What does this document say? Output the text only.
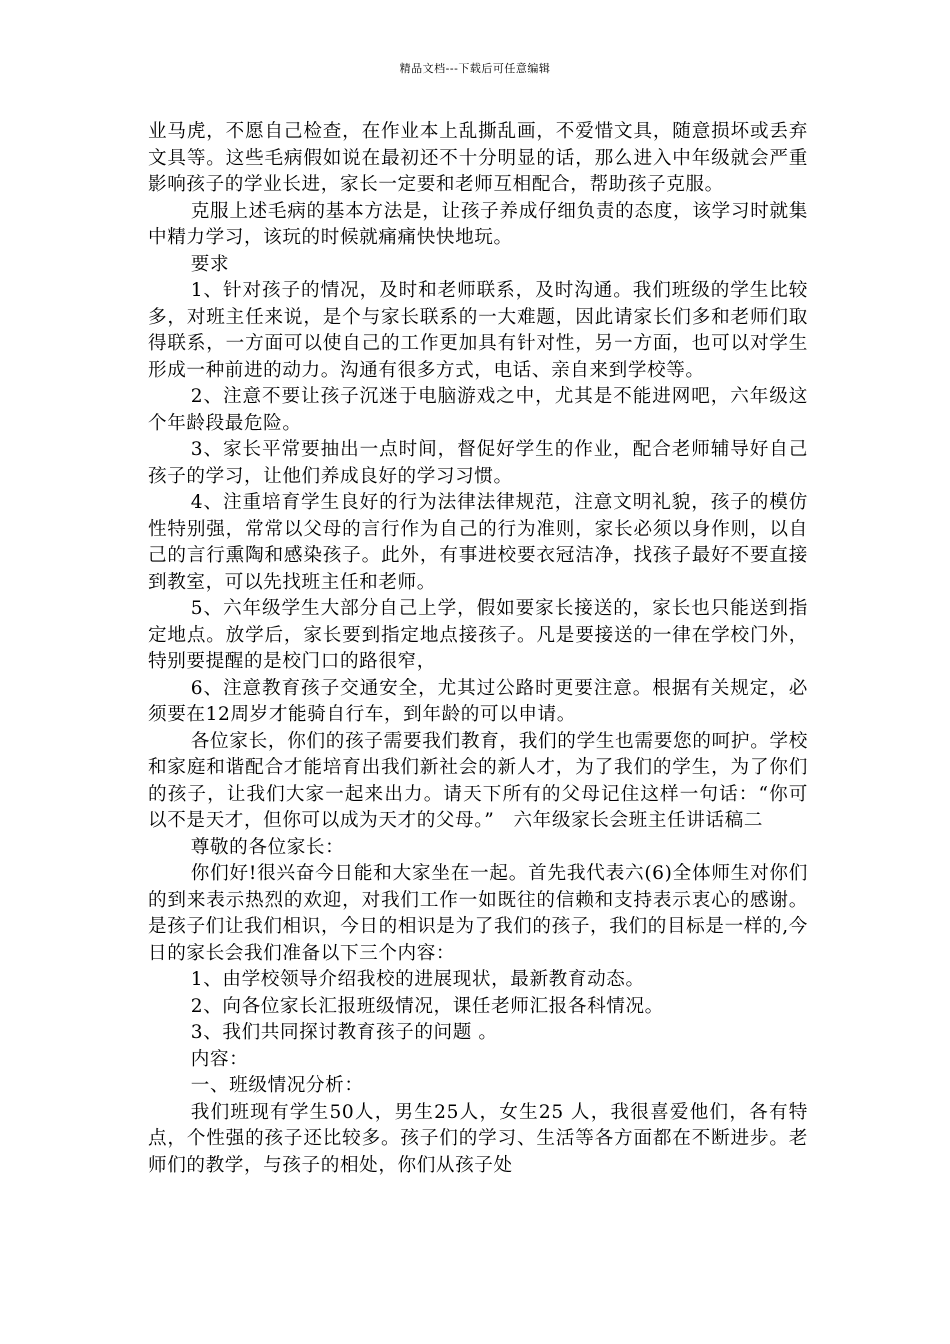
精品文档---下载后可任意编辑

业马虎，不愿自己检查，在作业本上乱撕乱画，不爱惜文具，随意损坏或丢弃文具等。这些毛病假如说在最初还不十分明显的话，那么进入中年级就会严重影响孩子的学业长进，家长一定要和老师互相配合，帮助孩子克服。

克服上述毛病的基本方法是，让孩子养成仔细负责的态度，该学习时就集中精力学习，该玩的时候就痛痛快快地玩。

要求

1、针对孩子的情况，及时和老师联系，及时沟通。我们班级的学生比较多，对班主任来说，是个与家长联系的一大难题，因此请家长们多和老师们取得联系，一方面可以使自己的工作更加具有针对性，另一方面，也可以对学生形成一种前进的动力。沟通有很多方式，电话、亲自来到学校等。

2、注意不要让孩子沉迷于电脑游戏之中，尤其是不能进网吧，六年级这个年龄段最危险。

3、家长平常要抽出一点时间，督促好学生的作业，配合老师辅导好自己孩子的学习，让他们养成良好的学习习惯。

4、注重培育学生良好的行为法律法律规范，注意文明礼貌，孩子的模仿性特别强，常常以父母的言行作为自己的行为准则，家长必须以身作则，以自己的言行熏陶和感染孩子。此外，有事进校要衣冠洁净，找孩子最好不要直接到教室，可以先找班主任和老师。

5、六年级学生大部分自己上学，假如要家长接送的，家长也只能送到指定地点。放学后，家长要到指定地点接孩子。凡是要接送的一律在学校门外，特别要提醒的是校门口的路很窄，

6、注意教育孩子交通安全，尤其过公路时更要注意。根据有关规定，必须要在12周岁才能骑自行车，到年龄的可以申请。

各位家长，你们的孩子需要我们教育，我们的学生也需要您的呵护。学校和家庭和谐配合才能培育出我们新社会的新人才，为了我们的学生，为了你们的孩子，让我们大家一起来出力。请天下所有的父母记住这样一句话：“你可以不是天才，但你可以成为天才的父母。”　六年级家长会班主任讲话稿二

尊敬的各位家长：

你们好!很兴奋今日能和大家坐在一起。首先我代表六(6)全体师生对你们的到来表示热烈的欢迎，对我们工作一如既往的信赖和支持表示衷心的感谢。是孩子们让我们相识，今日的相识是为了我们的孩子，我们的目标是一样的,今日的家长会我们准备以下三个内容：

1、由学校领导介绍我校的进展现状，最新教育动态。

2、向各位家长汇报班级情况，课任老师汇报各科情况。

3、我们共同探讨教育孩子的问题 。

内容：

一、班级情况分析：

我们班现有学生50人，男生25人，女生25 人，我很喜爱他们，各有特点，个性强的孩子还比较多。孩子们的学习、生活等各方面都在不断进步。老师们的教学，与孩子的相处，你们从孩子处
